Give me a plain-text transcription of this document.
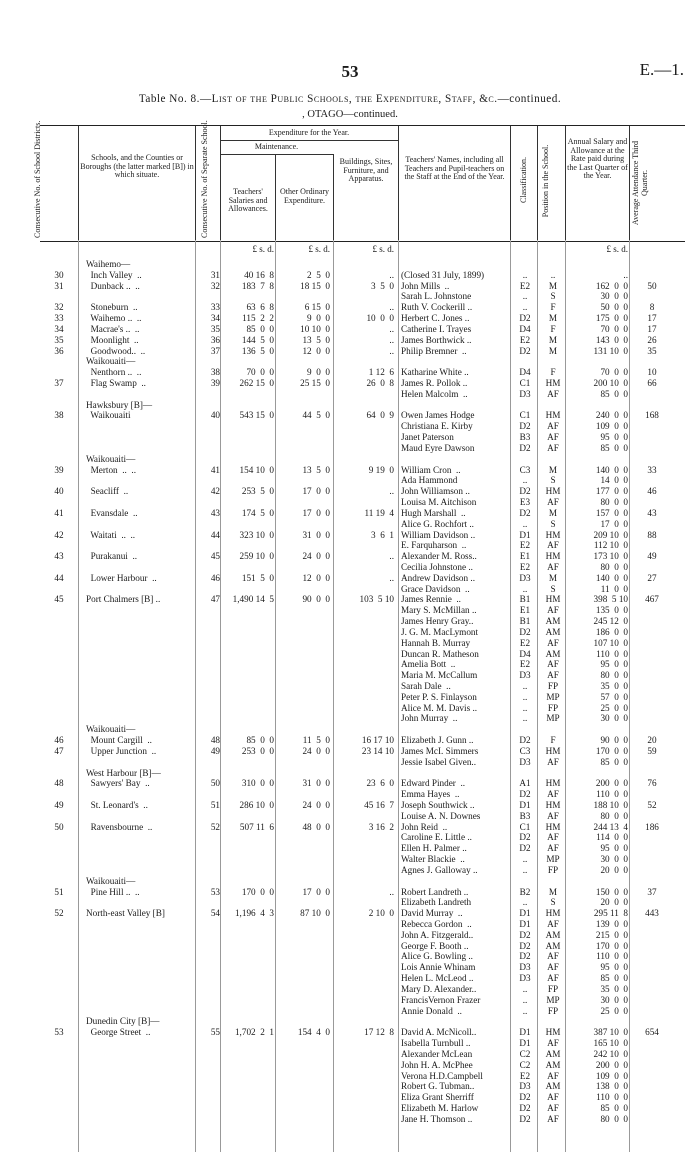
53	E.—1.
Table No. 8.—List of the Public Schools, the Expenditure, Staff, &c.—continued.
, OTAGO—continued.
Consecutive No. of School Districts.	Schools, and the Counties or Boroughs (the latter marked [B]) in which situate.	Consecutive No. of Separate School.	Expenditure for the Year.
Maintenance.
Teachers' Salaries and Allowances.
Other Ordinary Expenditure.
Buildings, Sites, Furniture, and Apparatus.
Teachers' Names, including all Teachers and Pupil-teachers on the Staff at the End of the Year.	Classification. Position in the School.
Annual Salary and Allowance at the Rate paid during the Last Quarter of the Year.	Average Attendance Third Quarter.
£ s. d.	£ s. d.	£ s. d.	£ s. d.
Waihemo—
30	Inch Valley  ..	31	40 16  8	2  5  0	.. (Closed 31 July, 1899)	..	..	..
31	Dunback ..  ..	32	183  7  8	18 15  0	3  5  0 John Mills  ..	E2	M	162  0  0	50
Sarah L. Johnstone	..	S	30  0  0
32	Stoneburn  ..	33	63  6  8	6 15  0	.. Ruth V. Cockerill ..	..	F	50  0  0	8
33	Waihemo ..  ..	34	115  2  2	9  0  0	10  0  0 Herbert C. Jones ..	D2	M	175  0  0	17
34	Macrae's ..  ..	35	85  0  0	10 10  0	.. Catherine I. Trayes	D4	F	70  0  0	17
35	Moonlight  ..	36	144  5  0	13  5  0	.. James Borthwick ..	E2	M	143  0  0	26
36	Goodwood..  ..	37	136  5  0	12  0  0	.. Philip Bremner  ..	D2	M	131 10  0	35
Waikouaiti—
Nenthorn ..  ..	38	70  0  0	9  0  0	1 12  6 Katharine White ..	D4	F	70  0  0	10
37	Flag Swamp  ..	39	262 15  0	25 15  0	26  0  8 James R. Pollok ..	C1	HM	200 10  0	66
Helen Malcolm  ..	D3	AF	85  0  0
Hawksbury [B]—
38	Waikouaiti	40	543 15  0	44  5  0	64  0  9 Owen James Hodge	C1	HM	240  0  0	168
Christiana E. Kirby	D2	AF	109  0  0
Janet Paterson	B3	AF	95  0  0
Maud Eyre Dawson	D2	AF	85  0  0
Waikouaiti—
39	Merton  ..  ..	41	154 10  0	13  5  0	9 19  0 William Cron  ..	C3	M	140  0  0	33
Ada Hammond	..	S	14  0  0
40	Seacliff  ..	42	253  5  0	17  0  0	.. John Williamson ..	D2	HM	177  0  0	46
Louisa M. Aitchison	E3	AF	80  0  0
41	Evansdale  ..	43	174  5  0	17  0  0	11 19  4 Hugh Marshall  ..	D2	M	157  0  0	43
Alice G. Rochfort ..	..	S	17  0  0
42	Waitati  ..  ..	44	323 10  0	31  0  0	3  6  1 William Davidson ..	D1	HM	209 10  0	88
E. Farquharson  ..	E2	AF	112 10  0
43	Purakanui  ..	45	259 10  0	24  0  0	.. Alexander M. Ross..	E1	HM	173 10  0	49
Cecilia Johnstone ..	E2	AF	80  0  0
44	Lower Harbour  ..	46	151  5  0	12  0  0	.. Andrew Davidson ..	D3	M	140  0  0	27
Grace Davidson  ..	..	S	11  0  0
45	Port Chalmers [B] ..	47	1,490 14  5	90  0  0	103  5 10 James Rennie  ..	B1	HM	398  5 10	467
Mary S. McMillan ..	E1	AF	135  0  0
James Henry Gray..	B1	AM	245 12  0
J. G. M. MacLymont	D2	AM	186  0  0
Hannah B. Murray	E2	AF	107 10  0
Duncan R. Matheson	D4	AM	110  0  0
Amelia Bott  ..	E2	AF	95  0  0
Maria M. McCallum	D3	AF	80  0  0
Sarah Dale  ..	..	FP	35  0  0
Peter P. S. Finlayson	..	MP	57  0  0
Alice M. M. Davis ..	..	FP	25  0  0
John Murray  ..	..	MP	30  0  0
Waikouaiti—
46	Mount Cargill  ..	48	85  0  0	11  5  0	16 17 10 Elizabeth J. Gunn ..	D2	F	90  0  0	20
47	Upper Junction  ..	49	253  0  0	24  0  0	23 14 10 James McI. Simmers	C3	HM	170  0  0	59
Jessie Isabel Given..	D3	AF	85  0  0
West Harbour [B]—
48	Sawyers' Bay  ..	50	310  0  0	31  0  0	23  6  0 Edward Pinder  ..	A1	HM	200  0  0	76
Emma Hayes  ..	D2	AF	110  0  0
49	St. Leonard's  ..	51	286 10  0	24  0  0	45 16  7 Joseph Southwick ..	D1	HM	188 10  0	52
Louise A. N. Downes	B3	AF	80  0  0
50	Ravensbourne  ..	52	507 11  6	48  0  0	3 16  2 John Reid  ..	C1	HM	244 13  4	186
Caroline E. Little ..	D2	AF	114  0  0
Ellen H. Palmer ..	D2	AF	95  0  0
Walter Blackie  ..	..	MP	30  0  0
Agnes J. Galloway ..	..	FP	20  0  0
Waikouaiti—
51	Pine Hill ..  ..	53	170  0  0	17  0  0	.. Robert Landreth ..	B2	M	150  0  0	37
Elizabeth Landreth	..	S	20  0  0
52	North-east Valley [B]	54	1,196  4  3	87 10  0	2 10  0 David Murray  ..	D1	HM	295 11  8	443
Rebecca Gordon  ..	D1	AF	139  0  0
John A. Fitzgerald..	D2	AM	215  0  0
George F. Booth ..	D2	AM	170  0  0
Alice G. Bowling ..	D2	AF	110  0  0
Lois Annie Whinam	D3	AF	95  0  0
Helen L. McLeod ..	D3	AF	85  0  0
Mary D. Alexander..	..	FP	35  0  0
FrancisVernon Frazer	..	MP	30  0  0
Annie Donald  ..	..	FP	25  0  0
Dunedin City [B]—
53	George Street  ..	55	1,702  2  1	154  4  0	17 12  8 David A. McNicoll..	D1	HM	387 10  0	654
Isabella Turnbull ..	D1	AF	165 10  0
Alexander McLean	C2	AM	242 10  0
John H. A. McPhee	C2	AM	200  0  0
Verona H.D.Campbell	E2	AF	109  0  0
Robert G. Tubman..	D3	AM	138  0  0
Eliza Grant Sherriff	D2	AF	110  0  0
Elizabeth M. Harlow	D2	AF	85  0  0
Jane H. Thomson ..	D2	AF	80  0  0
